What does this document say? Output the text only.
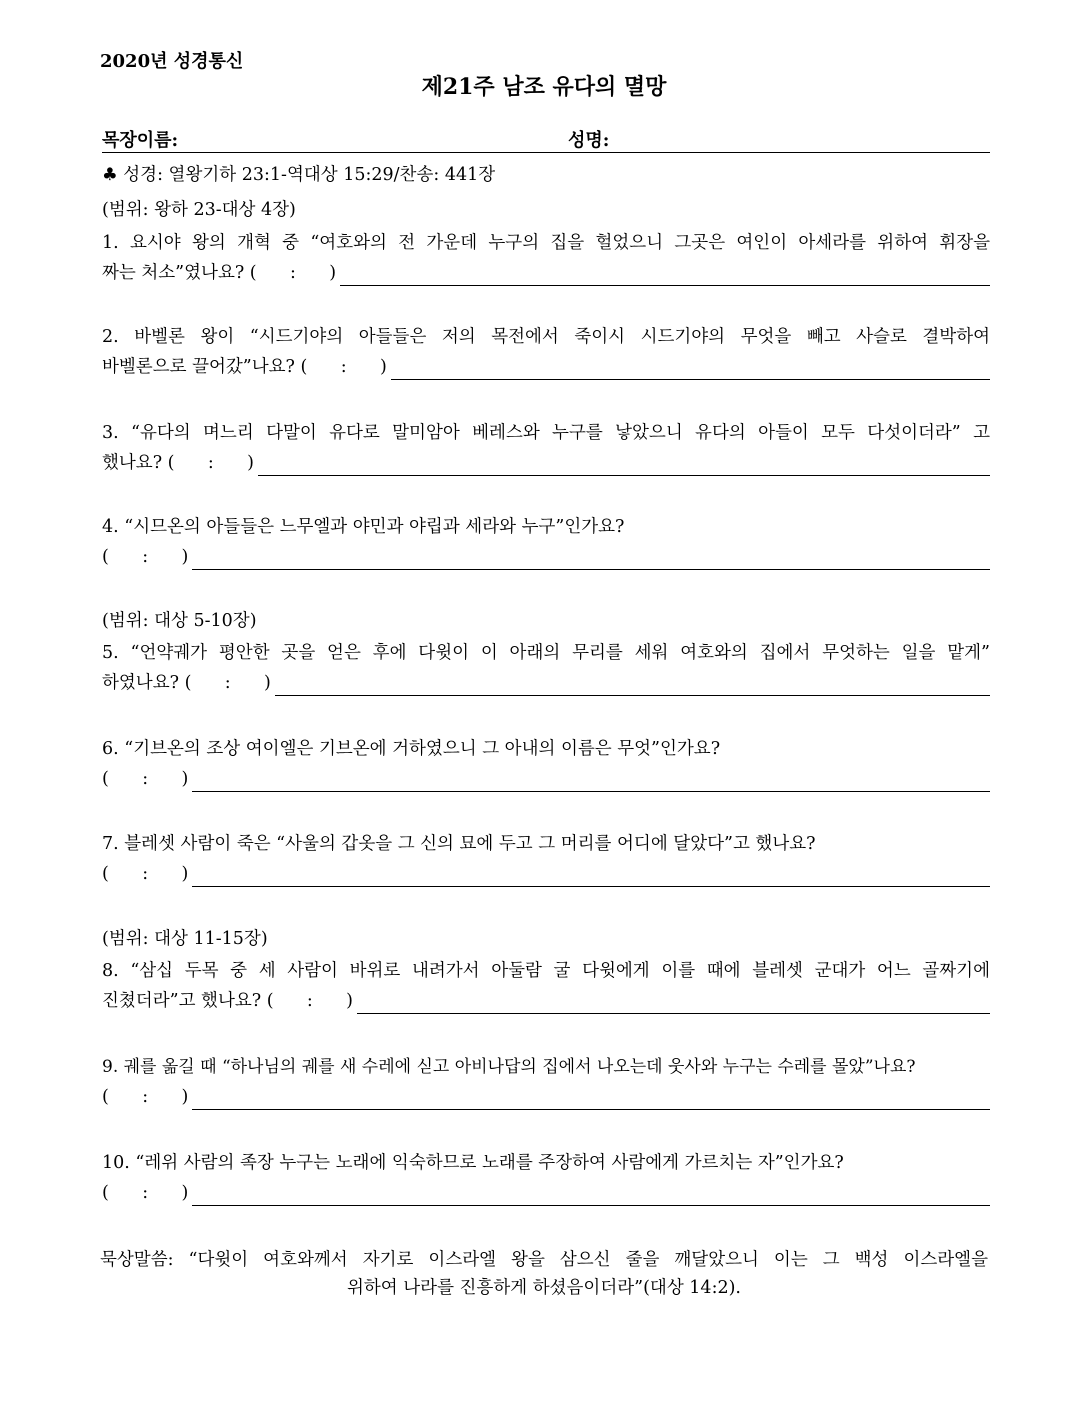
2020년 성경통신
제21주 남조 유다의 멸망
목장이름:	성명:
♣ 성경: 열왕기하 23:1-역대상 15:29/찬송: 441장
(범위: 왕하 23-대상 4장)
1. 요시야 왕의 개혁 중 “여호와의 전 가운데 누구의 집을 헐었으니 그곳은 여인이 아세라를 위하여 휘장을
짜는 처소”였나요? (      :      )
2. 바벨론 왕이 “시드기야의 아들들은 저의 목전에서 죽이시 시드기야의 무엇을 빼고 사슬로 결박하여
바벨론으로 끌어갔”나요? (      :      )
3. “유다의 며느리 다말이 유다로 말미암아 베레스와 누구를 낳았으니 유다의 아들이 모두 다섯이더라” 고
했나요? (      :      )
4. “시므온의 아들들은 느무엘과 야민과 야립과 세라와 누구”인가요?
(      :      )
(범위: 대상 5-10장)
5. “언약궤가 평안한 곳을 얻은 후에 다윗이 이 아래의 무리를 세워 여호와의 집에서 무엇하는 일을 맡게”
하였나요? (      :      )
6. “기브온의 조상 여이엘은 기브온에 거하였으니 그 아내의 이름은 무엇”인가요?
(      :      )
7. 블레셋 사람이 죽은 “사울의 갑옷을 그 신의 묘에 두고 그 머리를 어디에 달았다”고 했나요?
(      :      )
(범위: 대상 11-15장)
8. “삼십 두목 중 세 사람이 바위로 내려가서 아둘람 굴 다윗에게 이를 때에 블레셋 군대가 어느 골짜기에
진쳤더라”고 했나요? (      :      )
9. 궤를 옮길 때 “하나님의 궤를 새 수레에 싣고 아비나답의 집에서 나오는데 웃사와 누구는 수레를 몰았”나요?
(      :      )
10. “레위 사람의 족장 누구는 노래에 익숙하므로 노래를 주장하여 사람에게 가르치는 자”인가요?
(      :      )
묵상말씀: “다윗이 여호와께서 자기로 이스라엘 왕을 삼으신 줄을 깨달았으니 이는 그 백성 이스라엘을
위하여 나라를 진흥하게 하셨음이더라”(대상 14:2).
